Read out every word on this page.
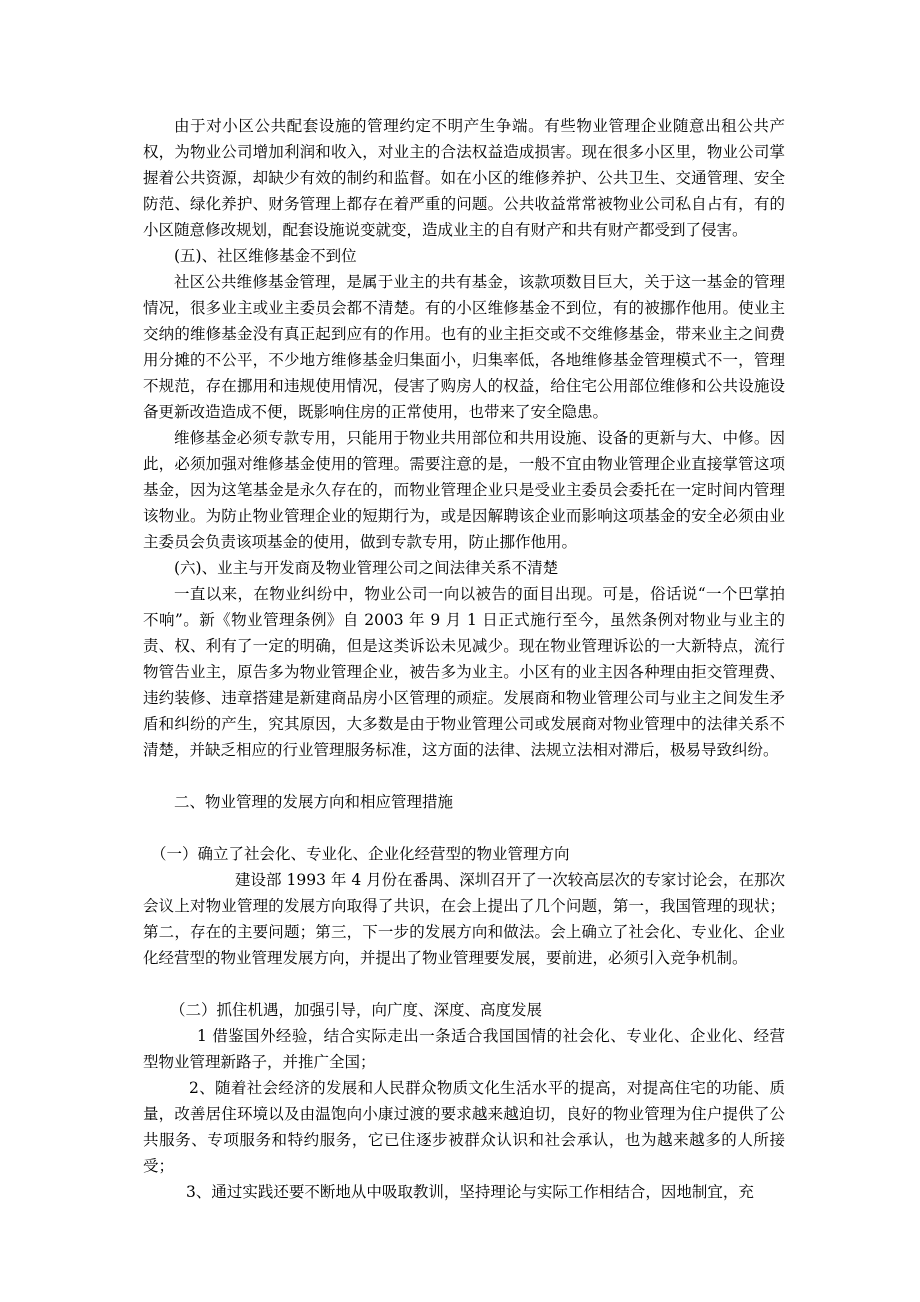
由于对小区公共配套设施的管理约定不明产生争端。有些物业管理企业随意出租公共产权，为物业公司增加利润和收入，对业主的合法权益造成损害。现在很多小区里，物业公司掌握着公共资源，却缺少有效的制约和监督。如在小区的维修养护、公共卫生、交通管理、安全防范、绿化养护、财务管理上都存在着严重的问题。公共收益常常被物业公司私自占有，有的小区随意修改规划，配套设施说变就变，造成业主的自有财产和共有财产都受到了侵害。

(五)、社区维修基金不到位

社区公共维修基金管理，是属于业主的共有基金，该款项数目巨大，关于这一基金的管理情况，很多业主或业主委员会都不清楚。有的小区维修基金不到位，有的被挪作他用。使业主交纳的维修基金没有真正起到应有的作用。也有的业主拒交或不交维修基金，带来业主之间费用分摊的不公平，不少地方维修基金归集面小，归集率低，各地维修基金管理模式不一，管理不规范，存在挪用和违规使用情况，侵害了购房人的权益，给住宅公用部位维修和公共设施设备更新改造造成不便，既影响住房的正常使用，也带来了安全隐患。

维修基金必须专款专用，只能用于物业共用部位和共用设施、设备的更新与大、中修。因此，必须加强对维修基金使用的管理。需要注意的是，一般不宜由物业管理企业直接掌管这项基金，因为这笔基金是永久存在的，而物业管理企业只是受业主委员会委托在一定时间内管理该物业。为防止物业管理企业的短期行为，或是因解聘该企业而影响这项基金的安全必须由业主委员会负责该项基金的使用，做到专款专用，防止挪作他用。

(六)、业主与开发商及物业管理公司之间法律关系不清楚

一直以来，在物业纠纷中，物业公司一向以被告的面目出现。可是，俗话说“一个巴掌拍不响”。新《物业管理条例》自 2003 年 9 月 1 日正式施行至今，虽然条例对物业与业主的责、权、利有了一定的明确，但是这类诉讼未见减少。现在物业管理诉讼的一大新特点，流行物管告业主，原告多为物业管理企业，被告多为业主。小区有的业主因各种理由拒交管理费、违约装修、违章搭建是新建商品房小区管理的顽症。发展商和物业管理公司与业主之间发生矛盾和纠纷的产生，究其原因，大多数是由于物业管理公司或发展商对物业管理中的法律关系不清楚，并缺乏相应的行业管理服务标准，这方面的法律、法规立法相对滞后，极易导致纠纷。

二、物业管理的发展方向和相应管理措施

（一）确立了社会化、专业化、企业化经营型的物业管理方向

建设部 1993 年 4 月份在番禺、深圳召开了一次较高层次的专家讨论会，在那次会议上对物业管理的发展方向取得了共识，在会上提出了几个问题，第一，我国管理的现状；第二，存在的主要问题；第三，下一步的发展方向和做法。会上确立了社会化、专业化、企业化经营型的物业管理发展方向，并提出了物业管理要发展，要前进，必须引入竞争机制。

（二）抓住机遇，加强引导，向广度、深度、高度发展

1 借鉴国外经验，结合实际走出一条适合我国国情的社会化、专业化、企业化、经营型物业管理新路子，并推广全国；

2、随着社会经济的发展和人民群众物质文化生活水平的提高，对提高住宅的功能、质量，改善居住环境以及由温饱向小康过渡的要求越来越迫切，良好的物业管理为住户提供了公共服务、专项服务和特约服务，它已住逐步被群众认识和社会承认，也为越来越多的人所接受；

3、通过实践还要不断地从中吸取教训，坚持理论与实际工作相结合，因地制宜，充
